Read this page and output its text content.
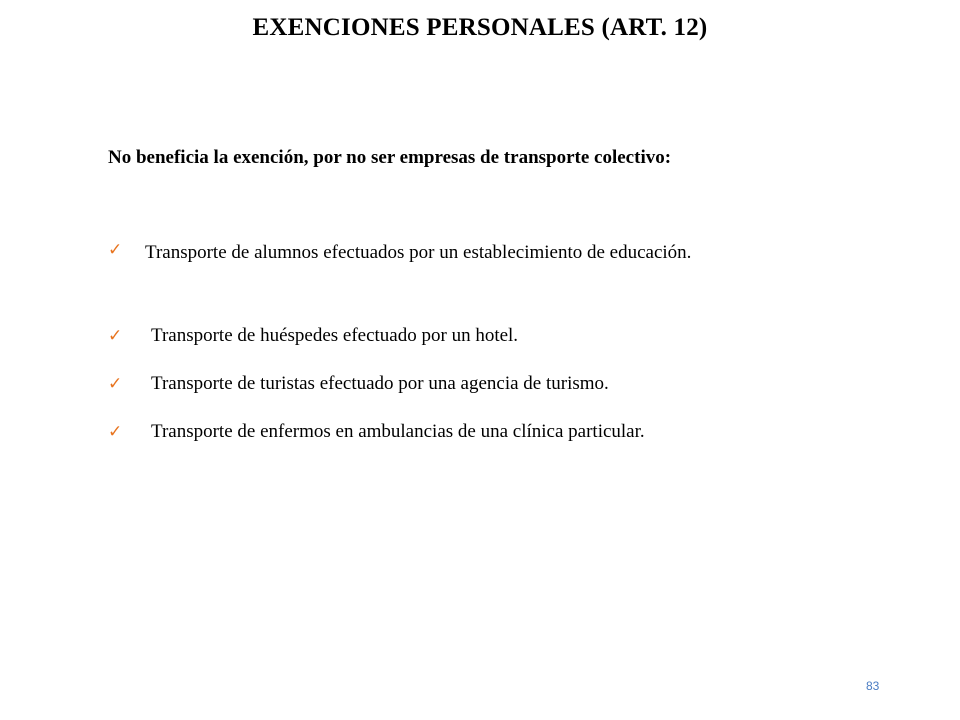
EXENCIONES PERSONALES (ART. 12)
No beneficia la exención, por no ser empresas de transporte colectivo:
✓ Transporte de alumnos efectuados por un establecimiento de educación.
✓ Transporte de huéspedes efectuado por un hotel.
✓ Transporte de turistas efectuado por una agencia de turismo.
✓ Transporte de enfermos en ambulancias de una clínica particular.
83
